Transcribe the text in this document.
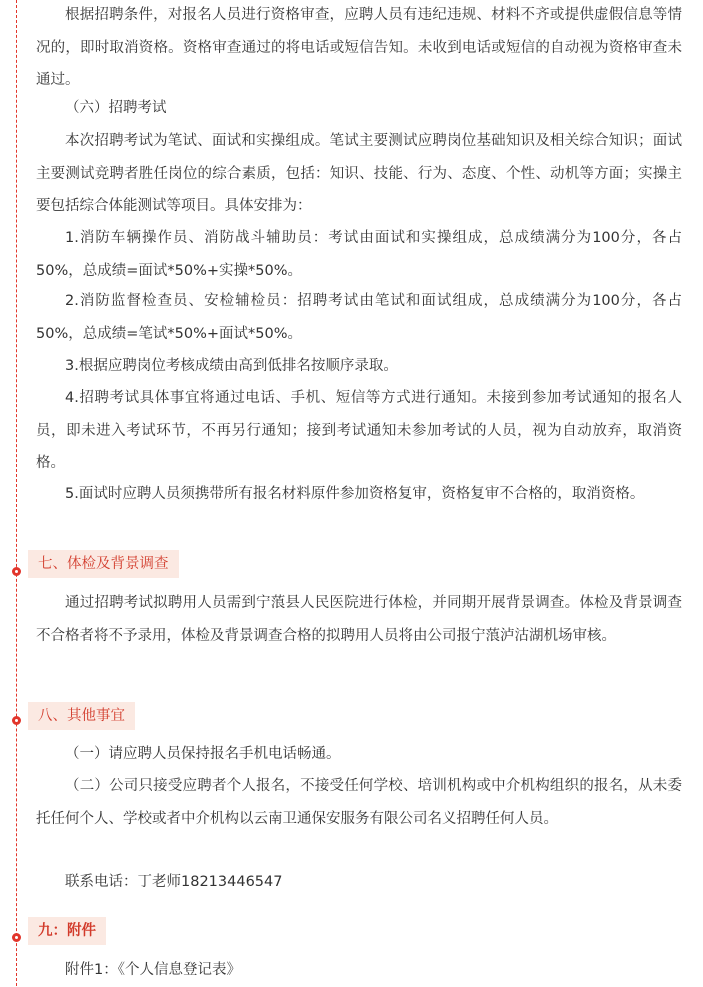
根据招聘条件，对报名人员进行资格审查，应聘人员有违纪违规、材料不齐或提供虚假信息等情况的，即时取消资格。资格审查通过的将电话或短信告知。未收到电话或短信的自动视为资格审查未通过。

（六）招聘考试

本次招聘考试为笔试、面试和实操组成。笔试主要测试应聘岗位基础知识及相关综合知识；面试主要测试竞聘者胜任岗位的综合素质，包括：知识、技能、行为、态度、个性、动机等方面；实操主要包括综合体能测试等项目。具体安排为：

1.消防车辆操作员、消防战斗辅助员：考试由面试和实操组成，总成绩满分为100分，各占50%，总成绩=面试*50%+实操*50%。

2.消防监督检查员、安检辅检员：招聘考试由笔试和面试组成，总成绩满分为100分，各占50%，总成绩=笔试*50%+面试*50%。

3.根据应聘岗位考核成绩由高到低排名按顺序录取。

4.招聘考试具体事宜将通过电话、手机、短信等方式进行通知。未接到参加考试通知的报名人员，即未进入考试环节，不再另行通知；接到考试通知未参加考试的人员，视为自动放弃，取消资格。

5.面试时应聘人员须携带所有报名材料原件参加资格复审，资格复审不合格的，取消资格。

七、体检及背景调查

通过招聘考试拟聘用人员需到宁蒗县人民医院进行体检，并同期开展背景调查。体检及背景调查不合格者将不予录用，体检及背景调查合格的拟聘用人员将由公司报宁蒗泸沽湖机场审核。

八、其他事宜

（一）请应聘人员保持报名手机电话畅通。

（二）公司只接受应聘者个人报名，不接受任何学校、培训机构或中介机构组织的报名，从未委托任何个人、学校或者中介机构以云南卫通保安服务有限公司名义招聘任何人员。

联系电话：丁老师18213446547

九：附件

附件1：《个人信息登记表》
